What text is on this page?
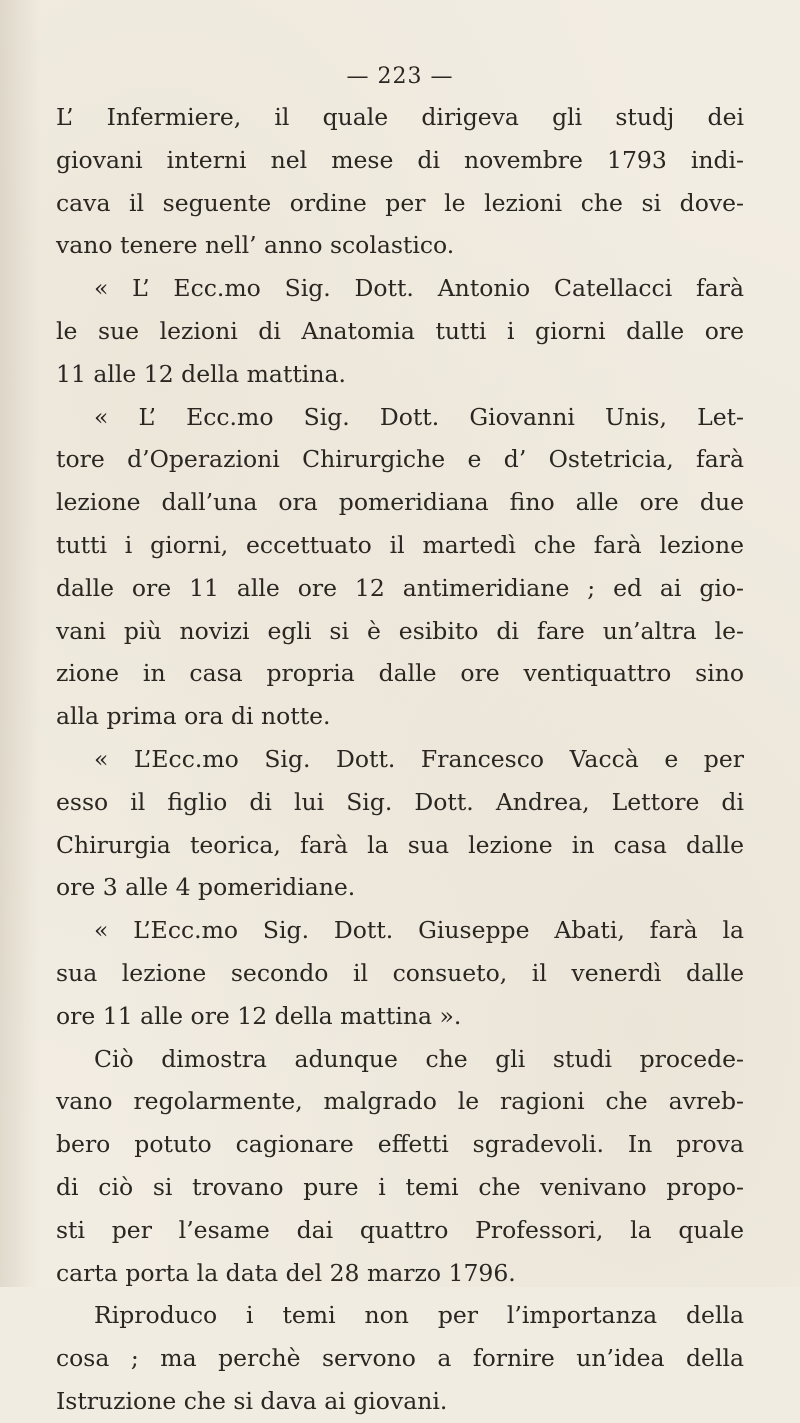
— 223 —
L’ Infermiere, il quale dirigeva gli studj dei
giovani interni nel mese di novembre 1793 indi-
cava il seguente ordine per le lezioni che si dove-
vano tenere nell’ anno scolastico.
« L’ Ecc.mo Sig. Dott. Antonio Catellacci farà
le sue lezioni di Anatomia tutti i giorni dalle ore
11 alle 12 della mattina.
« L’ Ecc.mo Sig. Dott. Giovanni Unis, Let-
tore d’Operazioni Chirurgiche e d’ Ostetricia, farà
lezione dall’una ora pomeridiana fino alle ore due
tutti i giorni, eccettuato il martedì che farà lezione
dalle ore 11 alle ore 12 antimeridiane ; ed ai gio-
vani più novizi egli si è esibito di fare un’altra le-
zione in casa propria dalle ore ventiquattro sino
alla prima ora di notte.
« L’Ecc.mo Sig. Dott. Francesco Vaccà e per
esso il figlio di lui Sig. Dott. Andrea, Lettore di
Chirurgia teorica, farà la sua lezione in casa dalle
ore 3 alle 4 pomeridiane.
« L’Ecc.mo Sig. Dott. Giuseppe Abati, farà la
sua lezione secondo il consueto, il venerdì dalle
ore 11 alle ore 12 della mattina ».
Ciò dimostra adunque che gli studi procede-
vano regolarmente, malgrado le ragioni che avreb-
bero potuto cagionare effetti sgradevoli. In prova
di ciò si trovano pure i temi che venivano propo-
sti per l’esame dai quattro Professori, la quale
carta porta la data del 28 marzo 1796.
Riproduco i temi non per l’importanza della
cosa ; ma perchè servono a fornire un’idea della
Istruzione che si dava ai giovani.
